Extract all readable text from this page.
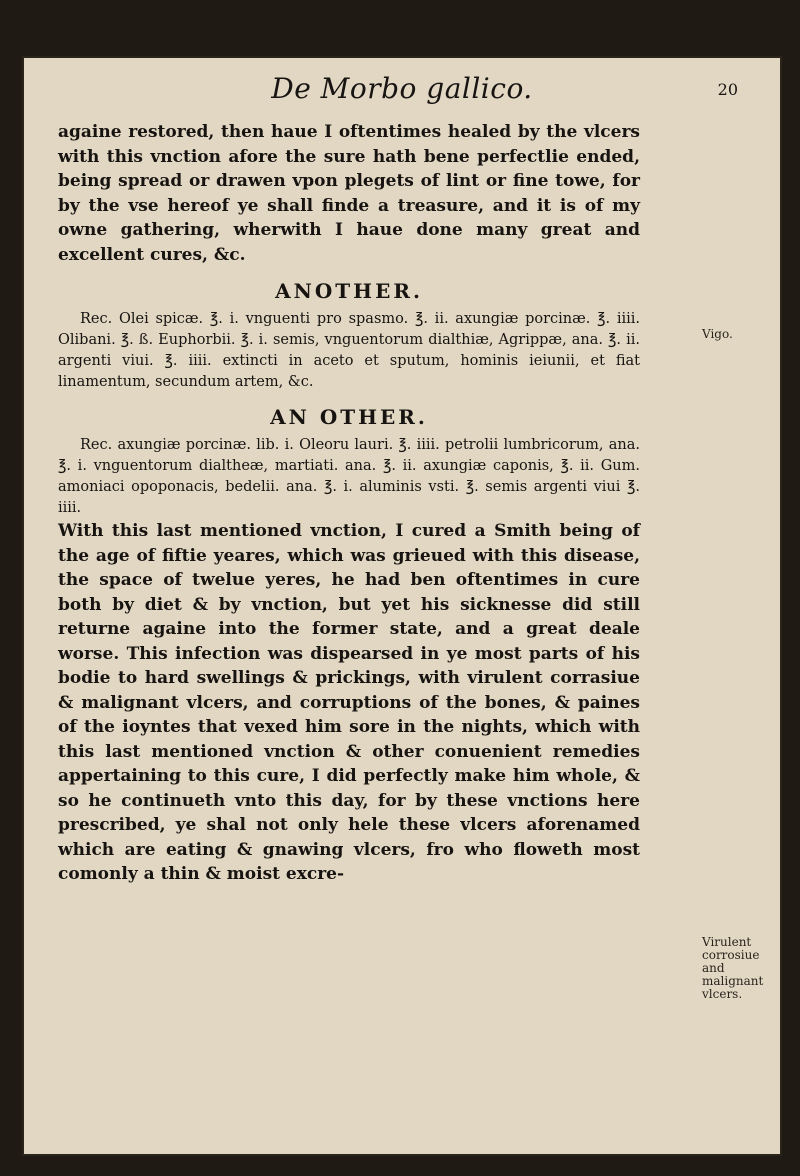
De Morbo gallico.	20

againe restored, then haue I oftentimes healed by the vlcers with this vnction afore the sure hath bene perfectlie ended, being spread or drawen vpon plegets of lint or fine towe, for by the vse hereof ye shall finde a treasure, and it is of my owne gathering, wherwith I haue done many great and excellent cures, &c.

ANOTHER.

Rec. Olei spicæ. ℥. i. vnguenti pro spasmo. ℥. ii. axungiæ porcinæ. ℥. iiii. Olibani. ℥. ß. Euphorbii. ℥. i. semis, vnguentorum dialthiæ, Agrippæ, ana. ℥. ii. argenti viui. ℥. iiii. extincti in aceto et sputum, hominis ieiunii, et fiat linamentum, secundum artem, &c.

AN OTHER.

Rec. axungiæ porcinæ. lib. i. Oleoru lauri. ℥. iiii. petrolii lumbricorum, ana. ℥. i. vnguentorum dialtheæ, martiati. ana. ℥. ii. axungiæ caponis, ℥. ii. Gum. amoniaci opoponacis, bedelii. ana. ℥. i. aluminis vsti. ℥. semis argenti viui ℥. iiii.

With this last mentioned vnction, I cured a Smith being of the age of fiftie yeares, which was grieued with this disease, the space of twelue yeres, he had ben oftentimes in cure both by diet & by vnction, but yet his sicknesse did still returne againe into the former state, and a great deale worse. This infection was dispearsed in ye most parts of his bodie to hard swellings & prickings, with virulent corrasiue & malignant vlcers, and corruptions of the bones, & paines of the ioyntes that vexed him sore in the nights, which with this last mentioned vnction & other conuenient remedies appertaining to this cure, I did perfectly make him whole, & so he continueth vnto this day, for by these vnctions here prescribed, ye shal not only hele these vlcers aforenamed which are eating & gnawing vlcers, fro who floweth most comonly a thin & moist excre-

Vigo.
Virulent
corrosiue and
malignant
vlcers.
